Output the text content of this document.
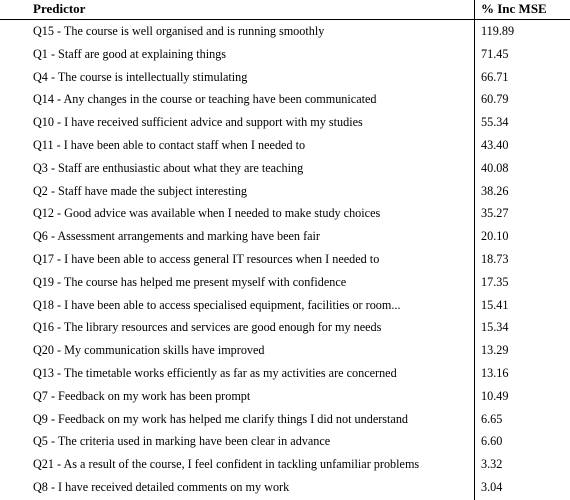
Predictor	% Inc MSE
Q15 - The course is well organised and is running smoothly	119.89
Q1 - Staff are good at explaining things	71.45
Q4 - The course is intellectually stimulating	66.71
Q14 - Any changes in the course or teaching have been communicated	60.79
Q10 - I have received sufficient advice and support with my studies	55.34
Q11 - I have been able to contact staff when I needed to	43.40
Q3 - Staff are enthusiastic about what they are teaching	40.08
Q2 - Staff have made the subject interesting	38.26
Q12 - Good advice was available when I needed to make study choices	35.27
Q6 - Assessment arrangements and marking have been fair	20.10
Q17 - I have been able to access general IT resources when I needed to	18.73
Q19 - The course has helped me present myself with confidence	17.35
Q18 - I have been able to access specialised equipment, facilities or room...	15.41
Q16 - The library resources and services are good enough for my needs	15.34
Q20 - My communication skills have improved	13.29
Q13 - The timetable works efficiently as far as my activities are concerned	13.16
Q7 - Feedback on my work has been prompt	10.49
Q9 - Feedback on my work has helped me clarify things I did not understand	6.65
Q5 - The criteria used in marking have been clear in advance	6.60
Q21 - As a result of the course, I feel confident in tackling unfamiliar problems	3.32
Q8 - I have received detailed comments on my work	3.04
